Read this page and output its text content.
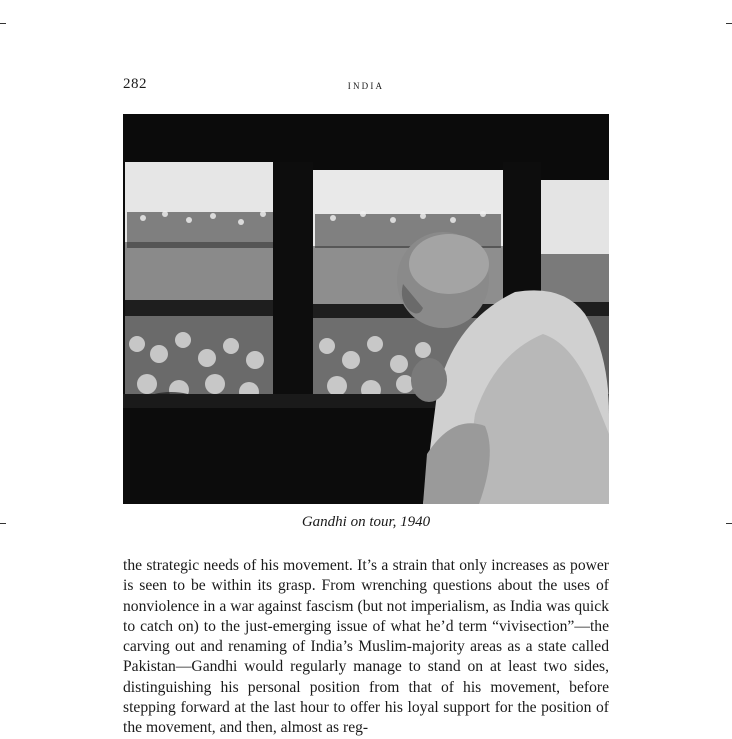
282	india
Gandhi on tour, 1940

the strategic needs of his movement. It’s a strain that only increases as power is seen to be within its grasp. From wrenching questions about the uses of nonviolence in a war against fascism (but not imperialism, as India was quick to catch on) to the just-emerging issue of what he’d term “vivisection”—the carving out and renaming of India’s Muslim-majority areas as a state called Pakistan—Gandhi would regularly manage to stand on at least two sides, distinguishing his personal position from that of his movement, before stepping forward at the last hour to offer his loyal support for the position of the movement, and then, almost as reg-
